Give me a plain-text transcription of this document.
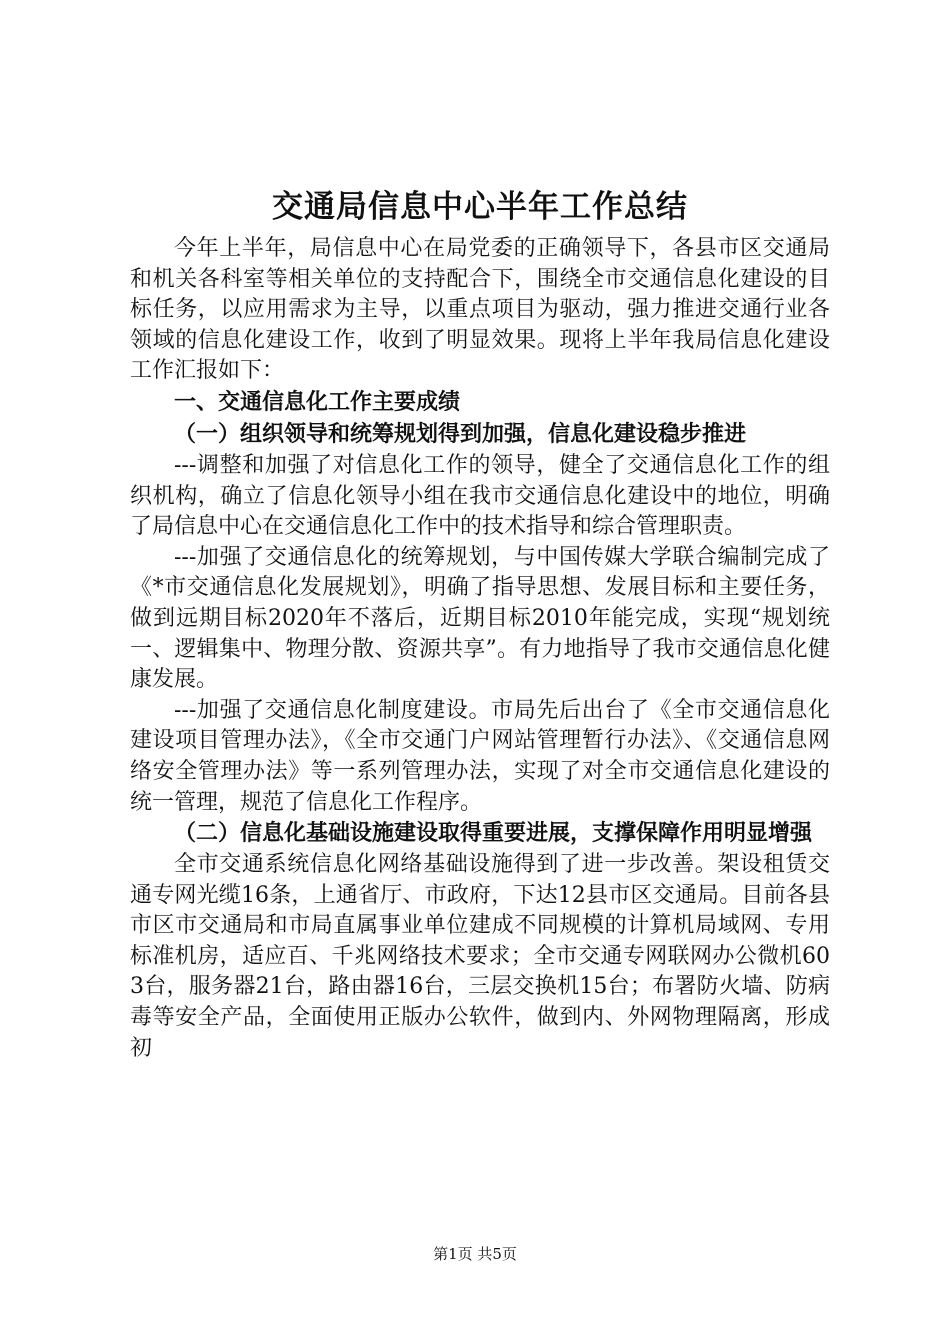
交通局信息中心半年工作总结

今年上半年，局信息中心在局党委的正确领导下，各县市区交通局和机关各科室等相关单位的支持配合下，围绕全市交通信息化建设的目标任务，以应用需求为主导，以重点项目为驱动，强力推进交通行业各领域的信息化建设工作，收到了明显效果。现将上半年我局信息化建设工作汇报如下：

一、交通信息化工作主要成绩

（一）组织领导和统筹规划得到加强，信息化建设稳步推进

---调整和加强了对信息化工作的领导，健全了交通信息化工作的组织机构，确立了信息化领导小组在我市交通信息化建设中的地位，明确了局信息中心在交通信息化工作中的技术指导和综合管理职责。

---加强了交通信息化的统筹规划，与中国传媒大学联合编制完成了《*市交通信息化发展规划》，明确了指导思想、发展目标和主要任务，做到远期目标2020年不落后，近期目标2010年能完成，实现“规划统一、逻辑集中、物理分散、资源共享”。有力地指导了我市交通信息化健康发展。

---加强了交通信息化制度建设。市局先后出台了《全市交通信息化建设项目管理办法》，《全市交通门户网站管理暂行办法》、《交通信息网络安全管理办法》等一系列管理办法，实现了对全市交通信息化建设的统一管理，规范了信息化工作程序。

（二）信息化基础设施建设取得重要进展，支撑保障作用明显增强

全市交通系统信息化网络基础设施得到了进一步改善。架设租赁交通专网光缆16条，上通省厅、市政府，下达12县市区交通局。目前各县市区市交通局和市局直属事业单位建成不同规模的计算机局域网、专用标准机房，适应百、千兆网络技术要求；全市交通专网联网办公微机603台，服务器21台，路由器16台，三层交换机15台；布署防火墙、防病毒等安全产品，全面使用正版办公软件，做到内、外网物理隔离，形成初

第1页 共5页
